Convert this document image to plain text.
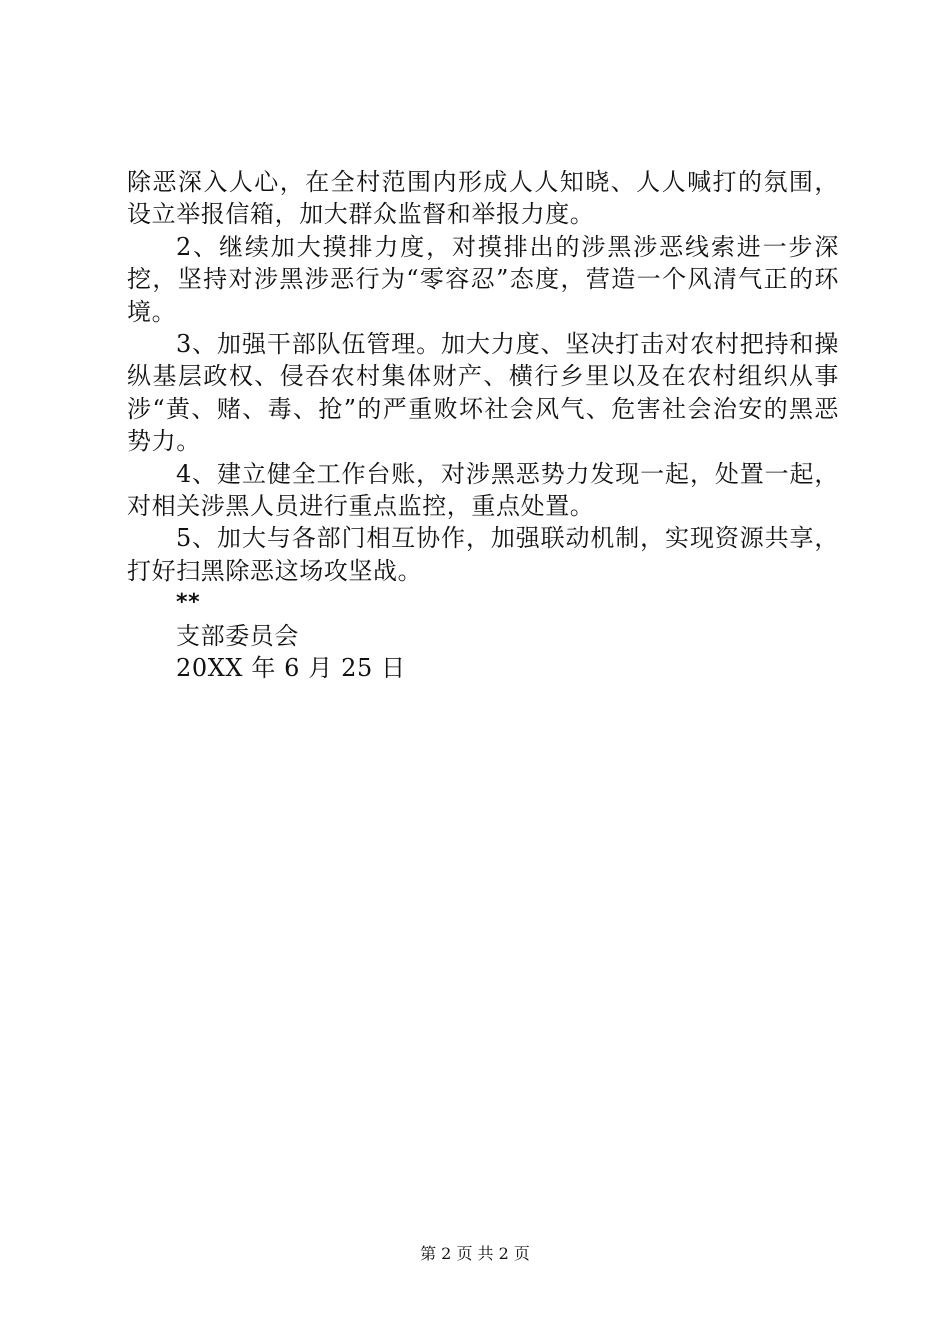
除恶深入人心，在全村范围内形成人人知晓、人人喊打的氛围，设立举报信箱，加大群众监督和举报力度。

2、继续加大摸排力度，对摸排出的涉黑涉恶线索进一步深挖，坚持对涉黑涉恶行为“零容忍”态度，营造一个风清气正的环境。

3、加强干部队伍管理。加大力度、坚决打击对农村把持和操纵基层政权、侵吞农村集体财产、横行乡里以及在农村组织从事涉“黄、赌、毒、抢”的严重败坏社会风气、危害社会治安的黑恶势力。

4、建立健全工作台账，对涉黑恶势力发现一起，处置一起，对相关涉黑人员进行重点监控，重点处置。

5、加大与各部门相互协作，加强联动机制，实现资源共享，打好扫黑除恶这场攻坚战。

**

支部委员会

20XX 年 6 月 25 日

第 2 页 共 2 页
